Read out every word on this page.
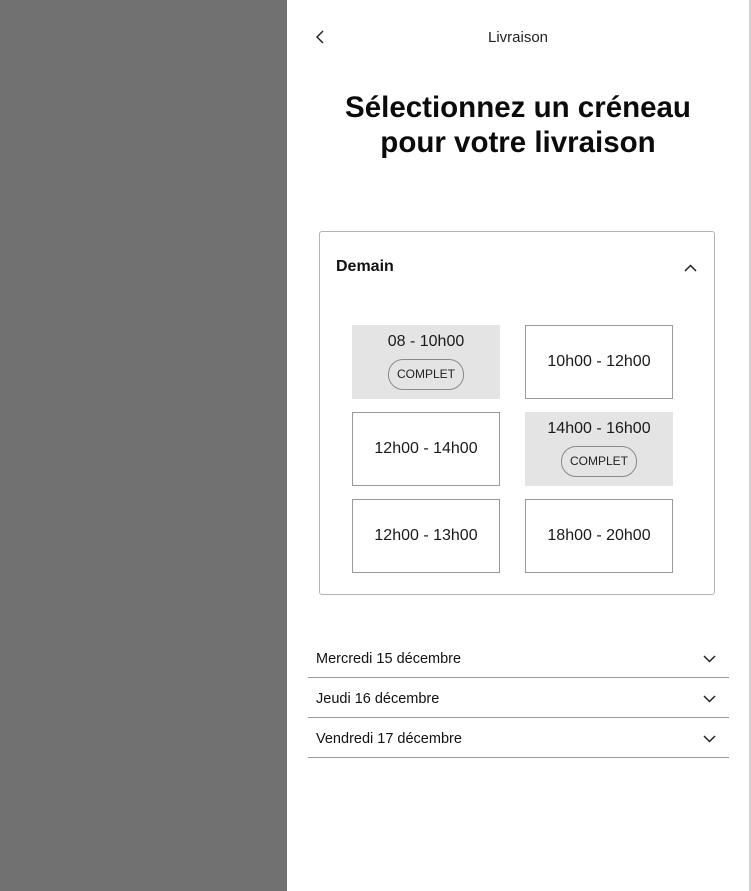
Livraison
Sélectionnez un créneau
pour votre livraison
Demain
08 - 10h00
COMPLET
10h00 - 12h00
12h00 - 14h00
14h00 - 16h00
COMPLET
12h00 - 13h00	18h00 - 20h00
Mercredi 15 décembre
Jeudi 16 décembre
Vendredi 17 décembre
